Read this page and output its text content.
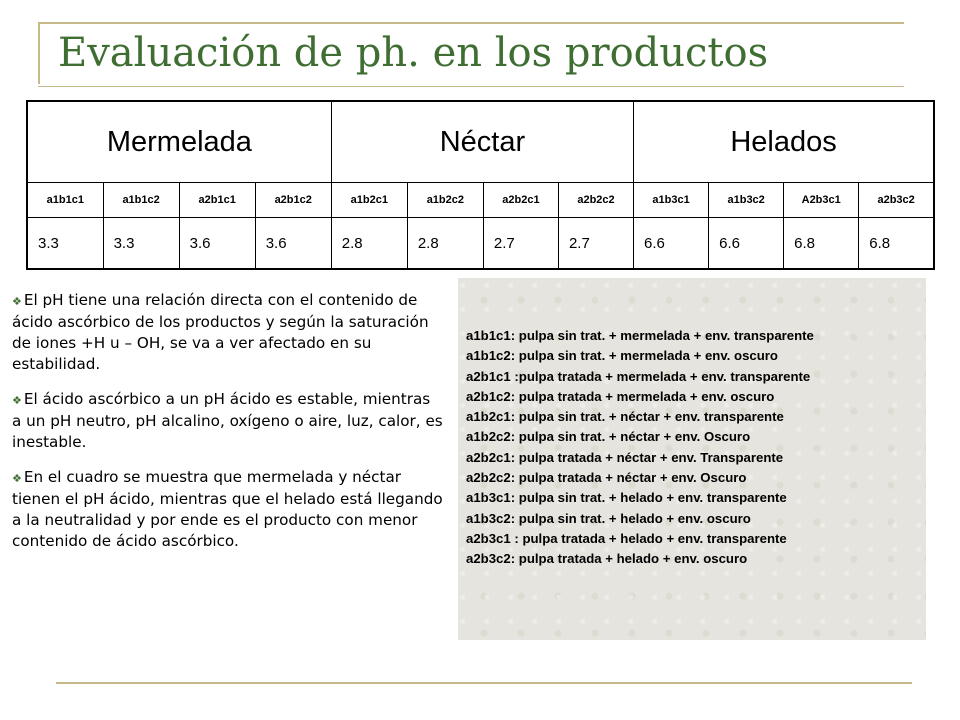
Evaluación de ph. en los productos
Mermelada				Néctar				Helados			
a1b1c1	a1b1c2	a2b1c1	a2b1c2	a1b2c1	a1b2c2	a2b2c1	a2b2c2	a1b3c1	a1b3c2	A2b3c1	a2b3c2
3.3	3.3	3.6	3.6	2.8	2.8	2.7	2.7	6.6	6.6	6.8	6.8

❖ El pH tiene una relación directa con el contenido de ácido ascórbico de los productos y según la saturación de iones +H u – OH, se va a ver afectado en su estabilidad.

❖ El ácido ascórbico a un pH ácido es estable, mientras a un pH neutro, pH alcalino, oxígeno o aire, luz, calor, es inestable.

❖ En el cuadro se muestra que mermelada y néctar tienen el pH ácido, mientras que el helado está llegando a la neutralidad y por ende es el producto con menor contenido de ácido ascórbico.

a1b1c1: pulpa sin trat. + mermelada + env. transparente
a1b1c2: pulpa sin trat. + mermelada + env. oscuro
a2b1c1 :pulpa tratada + mermelada + env. transparente
a2b1c2: pulpa tratada + mermelada + env. oscuro
a1b2c1: pulpa sin trat. + néctar + env. transparente
a1b2c2: pulpa sin trat. + néctar + env. Oscuro
a2b2c1: pulpa tratada + néctar + env. Transparente
a2b2c2: pulpa tratada + néctar + env. Oscuro
a1b3c1: pulpa sin trat. + helado + env. transparente
a1b3c2: pulpa sin trat. + helado + env. oscuro
a2b3c1 : pulpa tratada + helado + env. transparente
a2b3c2: pulpa tratada + helado + env. oscuro
